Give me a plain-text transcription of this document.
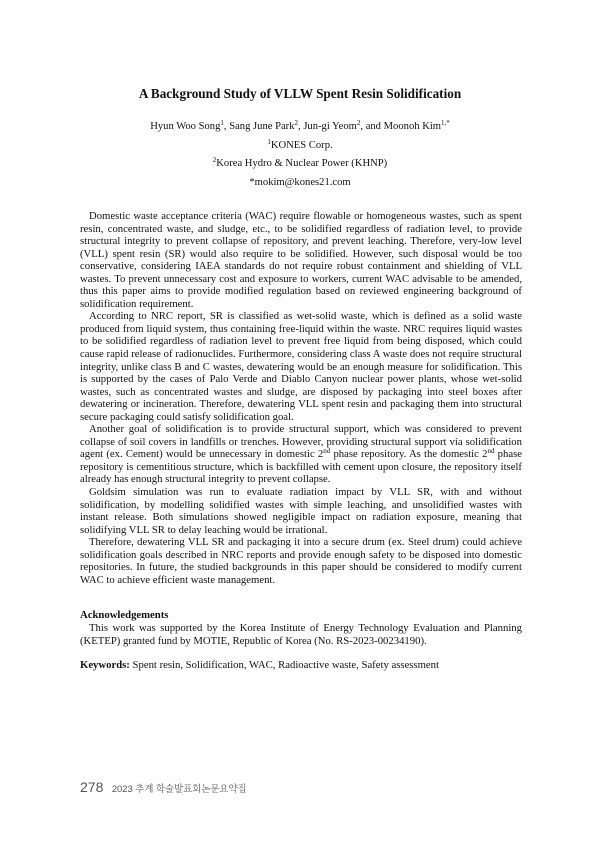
A Background Study of VLLW Spent Resin Solidification
Hyun Woo Song$^1$, Sang June Park$^2$, Jun-gi Yeom$^2$, and Moonoh Kim$^{1,*}$
$^1$KONES Corp.
$^2$Korea Hydro & Nuclear Power (KHNP)
*mokim@kones21.com

Domestic waste acceptance criteria (WAC) require flowable or homogeneous wastes, such as spent resin, concentrated waste, and sludge, etc., to be solidified regardless of radiation level, to provide structural integrity to prevent collapse of repository, and prevent leaching. Therefore, very-low level (VLL) spent resin (SR) would also require to be solidified. However, such disposal would be too conservative, considering IAEA standards do not require robust containment and shielding of VLL wastes. To prevent unnecessary cost and exposure to workers, current WAC advisable to be amended, thus this paper aims to provide modified regulation based on reviewed engineering background of solidification requirement.

According to NRC report, SR is classified as wet-solid waste, which is defined as a solid waste produced from liquid system, thus containing free-liquid within the waste. NRC requires liquid wastes to be solidified regardless of radiation level to prevent free liquid from being disposed, which could cause rapid release of radionuclides. Furthermore, considering class A waste does not require structural integrity, unlike class B and C wastes, dewatering would be an enough measure for solidification. This is supported by the cases of Palo Verde and Diablo Canyon nuclear power plants, whose wet-solid wastes, such as concentrated wastes and sludge, are disposed by packaging into steel boxes after dewatering or incineration. Therefore, dewatering VLL spent resin and packaging them into structural secure packaging could satisfy solidification goal.

Another goal of solidification is to provide structural support, which was considered to prevent collapse of soil covers in landfills or trenches. However, providing structural support via solidification agent (ex. Cement) would be unnecessary in domestic 2nd phase repository. As the domestic 2nd phase repository is cementitious structure, which is backfilled with cement upon closure, the repository itself already has enough structural integrity to prevent collapse.

Goldsim simulation was run to evaluate radiation impact by VLL SR, with and without solidification, by modelling solidified wastes with simple leaching, and unsolidified wastes with instant release. Both simulations showed negligible impact on radiation exposure, meaning that solidifying VLL SR to delay leaching would be irrational.

Therefore, dewatering VLL SR and packaging it into a secure drum (ex. Steel drum) could achieve solidification goals described in NRC reports and provide enough safety to be disposed into domestic repositories. In future, the studied backgrounds in this paper should be considered to modify current WAC to achieve efficient waste management.

Acknowledgements
This work was supported by the Korea Institute of Energy Technology Evaluation and Planning (KETEP) granted fund by MOTIE, Republic of Korea (No. RS-2023-00234190).
Keywords: Spent resin, Solidification, WAC, Radioactive waste, Safety assessment
278 2023 추계 학술발표회논문요약집
